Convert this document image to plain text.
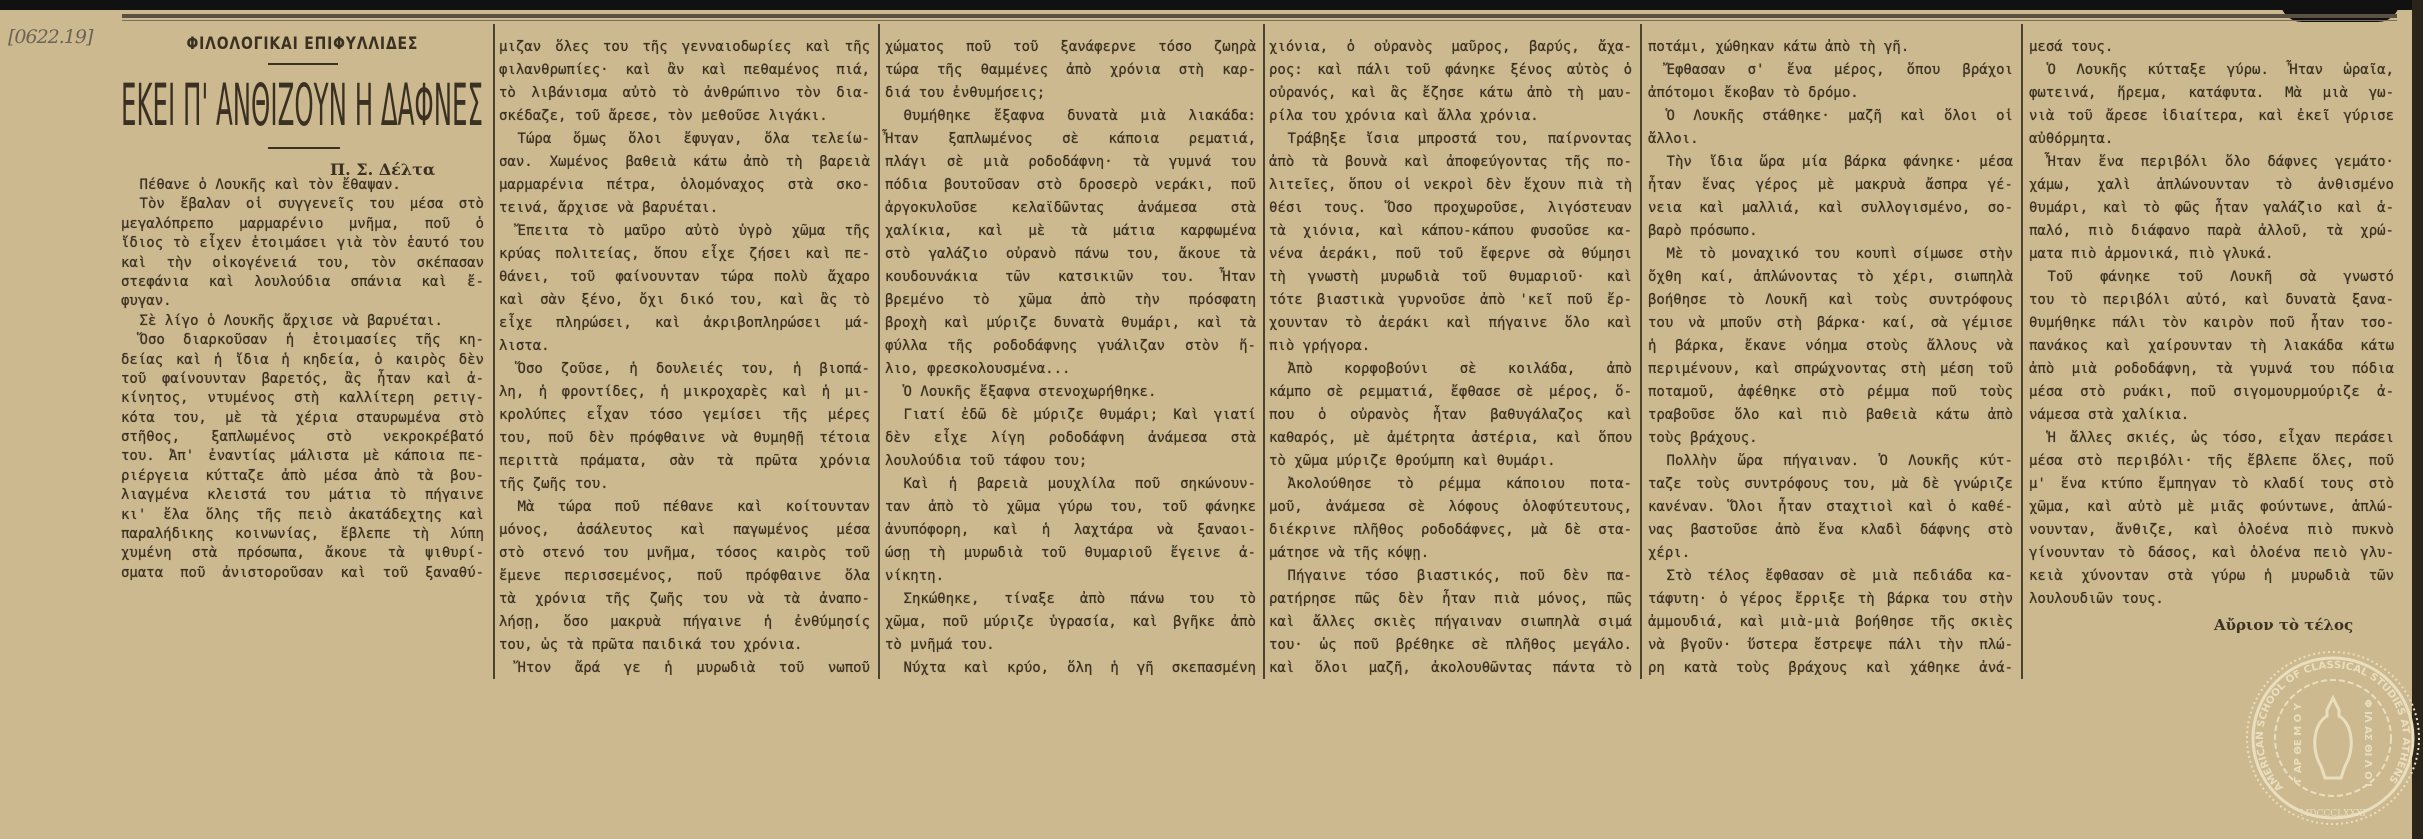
[0622.19]	ΦΙΛΟΛΟΓΙΚΑΙ ΕΠΙΦΥΛΛΙΔΕΣ
ΕΚΕΙ Π' ΑΝΘΙΖΟΥΝ Η ΔΑΦΝΕΣ
Π. Σ. Δέλτα
Πέθανε ὁ Λουκῆς καὶ τὸν ἔθαψαν.
Τὸν ἔβαλαν οἱ συγγενεῖς του μέσα στὸ
μεγαλόπρεπο μαρμαρένιο μνῆμα, ποῦ ὁ
ἴδιος τὸ εἶχεν ἑτοιμάσει γιὰ τὸν ἑαυτό του
καὶ τὴν οἰκογένειά του, τὸν σκέπασαν
στεφάνια καὶ λουλούδια σπάνια καὶ ἔ-
φυγαν.
Σὲ λίγο ὁ Λουκῆς ἄρχισε νὰ βαρυέται.
Ὅσο διαρκοῦσαν ἡ ἑτοιμασίες τῆς κη-
δείας καὶ ἡ ἴδια ἡ κηδεία, ὁ καιρὸς δὲν
τοῦ φαίνουνταν βαρετός, ἂς ἦταν καὶ ἀ-
κίνητος, ντυμένος στὴ καλλίτερη ρετιγ-
κότα του, μὲ τὰ χέρια σταυρωμένα στὸ
στῆθος, ξαπλωμένος στὸ νεκροκρέβατό
του. Ἀπ' ἐναντίας μάλιστα μὲ κάποια πε-
ριέργεια κύτταζε ἀπὸ μέσα ἀπὸ τὰ βου-
λιαγμένα κλειστά του μάτια τὸ πήγαινε
κι' ἔλα ὅλης τῆς πειὸ ἀκατάδεχτης καὶ
παραλήδικης κοινωνίας, ἔβλεπε τὴ λύπη
χυμένη στὰ πρόσωπα, ἄκουε τὰ ψιθυρί-
σματα ποῦ ἀνιστοροῦσαν καὶ τοῦ ξαναθύ-
μιζαν ὅλες του τῆς γενναιοδωρίες καὶ τῆς
φιλανθρωπίες· καὶ ἂν καὶ πεθαμένος πιά,
τὸ λιβάνισμα αὐτὸ τὸ ἀνθρώπινο τὸν δια-
σκέδαζε, τοῦ ἄρεσε, τὸν μεθοῦσε λιγάκι.
Τώρα ὅμως ὅλοι ἔφυγαν, ὅλα τελείω-
σαν. Χωμένος βαθειὰ κάτω ἀπὸ τὴ βαρειὰ
μαρμαρένια πέτρα, ὁλομόναχος στὰ σκο-
τεινά, ἄρχισε νὰ βαρυέται.
Ἔπειτα τὸ μαῦρο αὐτὸ ὑγρὸ χῶμα τῆς
κρύας πολιτείας, ὅπου εἶχε ζήσει καὶ πε-
θάνει, τοῦ φαίνουνταν τώρα πολὺ ἄχαρο
καὶ σὰν ξένο, ὄχι δικό του, καὶ ἂς τὸ
εἶχε πληρώσει, καὶ ἀκριβοπληρώσει μά-
λιστα.
Ὅσο ζοῦσε, ἡ δουλειές του, ἡ βιοπά-
λη, ἡ φροντίδες, ἡ μικροχαρὲς καὶ ἡ μι-
κρολύπες εἶχαν τόσο γεμίσει τῆς μέρες
του, ποῦ δὲν πρόφθαινε νὰ θυμηθῇ τέτοια
περιττὰ πράματα, σὰν τὰ πρῶτα χρόνια
τῆς ζωῆς του.
Μὰ τώρα ποῦ πέθανε καὶ κοίτουνταν
μόνος, ἀσάλευτος καὶ παγωμένος μέσα
στὸ στενό του μνῆμα, τόσος καιρὸς τοῦ
ἔμενε περισσεμένος, ποῦ πρόφθαινε ὅλα
τὰ χρόνια τῆς ζωῆς του νὰ τὰ ἀναπο-
λήσῃ, ὅσο μακρυὰ πήγαινε ἡ ἐνθύμησίς
του, ὡς τὰ πρῶτα παιδικά του χρόνια.
Ἤτον ἄρά γε ἡ μυρωδιὰ τοῦ νωποῦ
χώματος ποῦ τοῦ ξανάφερνε τόσο ζωηρὰ
τώρα τῆς θαμμένες ἀπὸ χρόνια στὴ καρ-
διά του ἐνθυμήσεις;
Θυμήθηκε ἔξαφνα δυνατὰ μιὰ λιακάδα:
Ἦταν ξαπλωμένος σὲ κάποια ρεματιά,
πλάγι σὲ μιὰ ροδοδάφνη· τὰ γυμνά του
πόδια βουτοῦσαν στὸ δροσερὸ νεράκι, ποῦ
ἀργοκυλοῦσε κελαϊδῶντας ἀνάμεσα στὰ
χαλίκια, καὶ μὲ τὰ μάτια καρφωμένα
στὸ γαλάζιο οὐρανὸ πάνω του, ἄκουε τὰ
κουδουνάκια τῶν κατσικιῶν του. Ἦταν
βρεμένο τὸ χῶμα ἀπὸ τὴν πρόσφατη
βροχὴ καὶ μύριζε δυνατὰ θυμάρι, καὶ τὰ
φύλλα τῆς ροδοδάφνης γυάλιζαν στὸν ἥ-
λιο, φρεσκολουσμένα...
Ὁ Λουκῆς ἔξαφνα στενοχωρήθηκε.
Γιατί ἐδῶ δὲ μύριζε θυμάρι; Καὶ γιατί
δὲν εἶχε λίγη ροδοδάφνη ἀνάμεσα στὰ
λουλούδια τοῦ τάφου του;
Καὶ ἡ βαρειὰ μουχλίλα ποῦ σηκώνουν-
ταν ἀπὸ τὸ χῶμα γύρω του, τοῦ φάνηκε
ἀνυπόφορη, καὶ ἡ λαχτάρα νὰ ξαναοι-
ώσῃ τὴ μυρωδιὰ τοῦ θυμαριοῦ ἔγεινε ἀ-
νίκητη.
Σηκώθηκε, τίναξε ἀπὸ πάνω του τὸ
χῶμα, ποῦ μύριζε ὑγρασία, καὶ βγῆκε ἀπὸ
τὸ μνῆμά του.
Νύχτα καὶ κρύο, ὅλη ἡ γῆ σκεπασμένη
χιόνια, ὁ οὐρανὸς μαῦρος, βαρύς, ἄχα-
ρος: καὶ πάλι τοῦ φάνηκε ξένος αὐτὸς ὁ
οὐρανός, καὶ ἂς ἔζησε κάτω ἀπὸ τὴ μαυ-
ρίλα του χρόνια καὶ ἄλλα χρόνια.
Τράβηξε ἴσια μπροστά του, παίρνοντας
ἀπὸ τὰ βουνὰ καὶ ἀποφεύγοντας τῆς πο-
λιτεῖες, ὅπου οἱ νεκροὶ δὲν ἔχουν πιὰ τὴ
θέσι τους. Ὅσο προχωροῦσε, λιγόστευαν
τὰ χιόνια, καὶ κάπου-κάπου φυσοῦσε κα-
νένα ἀεράκι, ποῦ τοῦ ἔφερνε σὰ θύμησι
τὴ γνωστὴ μυρωδιὰ τοῦ θυμαριοῦ· καὶ
τότε βιαστικὰ γυρνοῦσε ἀπὸ 'κεῖ ποῦ ἔρ-
χουνταν τὸ ἀεράκι καὶ πήγαινε ὅλο καὶ
πιὸ γρήγορα.
Ἀπὸ κορφοβούνι σὲ κοιλάδα, ἀπὸ
κάμπο σὲ ρεμματιά, ἔφθασε σὲ μέρος, ὅ-
που ὁ οὐρανὸς ἦταν βαθυγάλαζος καὶ
καθαρός, μὲ ἀμέτρητα ἀστέρια, καὶ ὅπου
τὸ χῶμα μύριζε θρούμπη καὶ θυμάρι.
Ἀκολούθησε τὸ ρέμμα κάποιου ποτα-
μοῦ, ἀνάμεσα σὲ λόφους ὁλοφύτευτους,
διέκρινε πλῆθος ροδοδάφνες, μὰ δὲ στα-
μάτησε νὰ τῆς κόψῃ.
Πήγαινε τόσο βιαστικός, ποῦ δὲν πα-
ρατήρησε πῶς δὲν ἦταν πιὰ μόνος, πῶς
καὶ ἄλλες σκιὲς πήγαιναν σιωπηλὰ σιμά
του· ὡς ποῦ βρέθηκε σὲ πλῆθος μεγάλο.
καὶ ὅλοι μαζῆ, ἀκολουθῶντας πάντα τὸ
ποτάμι, χώθηκαν κάτω ἀπὸ τὴ γῆ.
Ἔφθασαν σ' ἕνα μέρος, ὅπου βράχοι
ἀπότομοι ἔκοβαν τὸ δρόμο.
Ὁ Λουκῆς στάθηκε· μαζῆ καὶ ὅλοι οἱ
ἄλλοι.
Τὴν ἴδια ὥρα μία βάρκα φάνηκε· μέσα
ἦταν ἕνας γέρος μὲ μακρυὰ ἄσπρα γέ-
νεια καὶ μαλλιά, καὶ συλλογισμένο, σο-
βαρὸ πρόσωπο.
Μὲ τὸ μοναχικό του κουπὶ σίμωσε στὴν
ὄχθη καί, ἁπλώνοντας τὸ χέρι, σιωπηλὰ
βοήθησε τὸ Λουκῆ καὶ τοὺς συντρόφους
του νὰ μποῦν στὴ βάρκα· καί, σὰ γέμισε
ἡ βάρκα, ἔκανε νόημα στοὺς ἄλλους νὰ
περιμένουν, καὶ σπρώχνοντας στὴ μέση τοῦ
ποταμοῦ, ἀφέθηκε στὸ ρέμμα ποῦ τοὺς
τραβοῦσε ὅλο καὶ πιὸ βαθειὰ κάτω ἀπὸ
τοὺς βράχους.
Πολλὴν ὥρα πήγαιναν. Ὁ Λουκῆς κύτ-
ταζε τοὺς συντρόφους του, μὰ δὲ γνώριζε
κανέναν. Ὅλοι ἦταν σταχτιοὶ καὶ ὁ καθέ-
νας βαστοῦσε ἀπὸ ἕνα κλαδὶ δάφνης στὸ
χέρι.
Στὸ τέλος ἔφθασαν σὲ μιὰ πεδιάδα κα-
τάφυτη· ὁ γέρος ἔρριξε τὴ βάρκα του στὴν
ἀμμουδιά, καὶ μιὰ-μιὰ βοήθησε τῆς σκιὲς
νὰ βγοῦν· ὕστερα ἔστρεψε πάλι τὴν πλώ-
ρη κατὰ τοὺς βράχους καὶ χάθηκε ἀνά-
μεσά τους.
Ὁ Λουκῆς κύτταξε γύρω. Ἦταν ὡραῖα,
φωτεινά, ἥρεμα, κατάφυτα. Μὰ μιὰ γω-
νιὰ τοῦ ἄρεσε ἰδιαίτερα, καὶ ἐκεῖ γύρισε
αὐθόρμητα.
Ἦταν ἕνα περιβόλι ὅλο δάφνες γεμάτο·
χάμω, χαλὶ ἁπλώνουνταν τὸ ἀνθισμένο
θυμάρι, καὶ τὸ φῶς ἦταν γαλάζιο καὶ ἁ-
παλό, πιὸ διάφανο παρὰ ἀλλοῦ, τὰ χρώ-
ματα πιὸ ἁρμονικά, πιὸ γλυκά.
Τοῦ φάνηκε τοῦ Λουκῆ σὰ γνωστό
του τὸ περιβόλι αὐτό, καὶ δυνατὰ ξανα-
θυμήθηκε πάλι τὸν καιρὸν ποῦ ἦταν τσο-
πανάκος καὶ χαίρουνταν τὴ λιακάδα κάτω
ἀπὸ μιὰ ροδοδάφνη, τὰ γυμνά του πόδια
μέσα στὸ ρυάκι, ποῦ σιγομουρμούριζε ἀ-
νάμεσα στὰ χαλίκια.
Ἡ ἄλλες σκιές, ὡς τόσο, εἶχαν περάσει
μέσα στὸ περιβόλι· τῆς ἔβλεπε ὅλες, ποῦ
μ' ἕνα κτύπο ἔμπηγαν τὸ κλαδί τους στὸ
χῶμα, καὶ αὐτὸ μὲ μιᾶς φούντωνε, ἁπλώ-
νουνταν, ἄνθιζε, καὶ ὁλοένα πιὸ πυκνὸ
γίνουνταν τὸ δάσος, καὶ ὁλοένα πειὸ γλυ-
κειὰ χύνονταν στὰ γύρω ἡ μυρωδιὰ τῶν
λουλουδιῶν τους.
Αὔριον τὸ τέλος
AMERICAN SCHOOL OF CLASSICAL STUDIES AT ATHENS
MDCCCLXXXI
Γ ΑΡ ΘΕ Μ Ο Υ	Φ ΙΛ ΑΣ ΘΙ Λ Ο Ι
